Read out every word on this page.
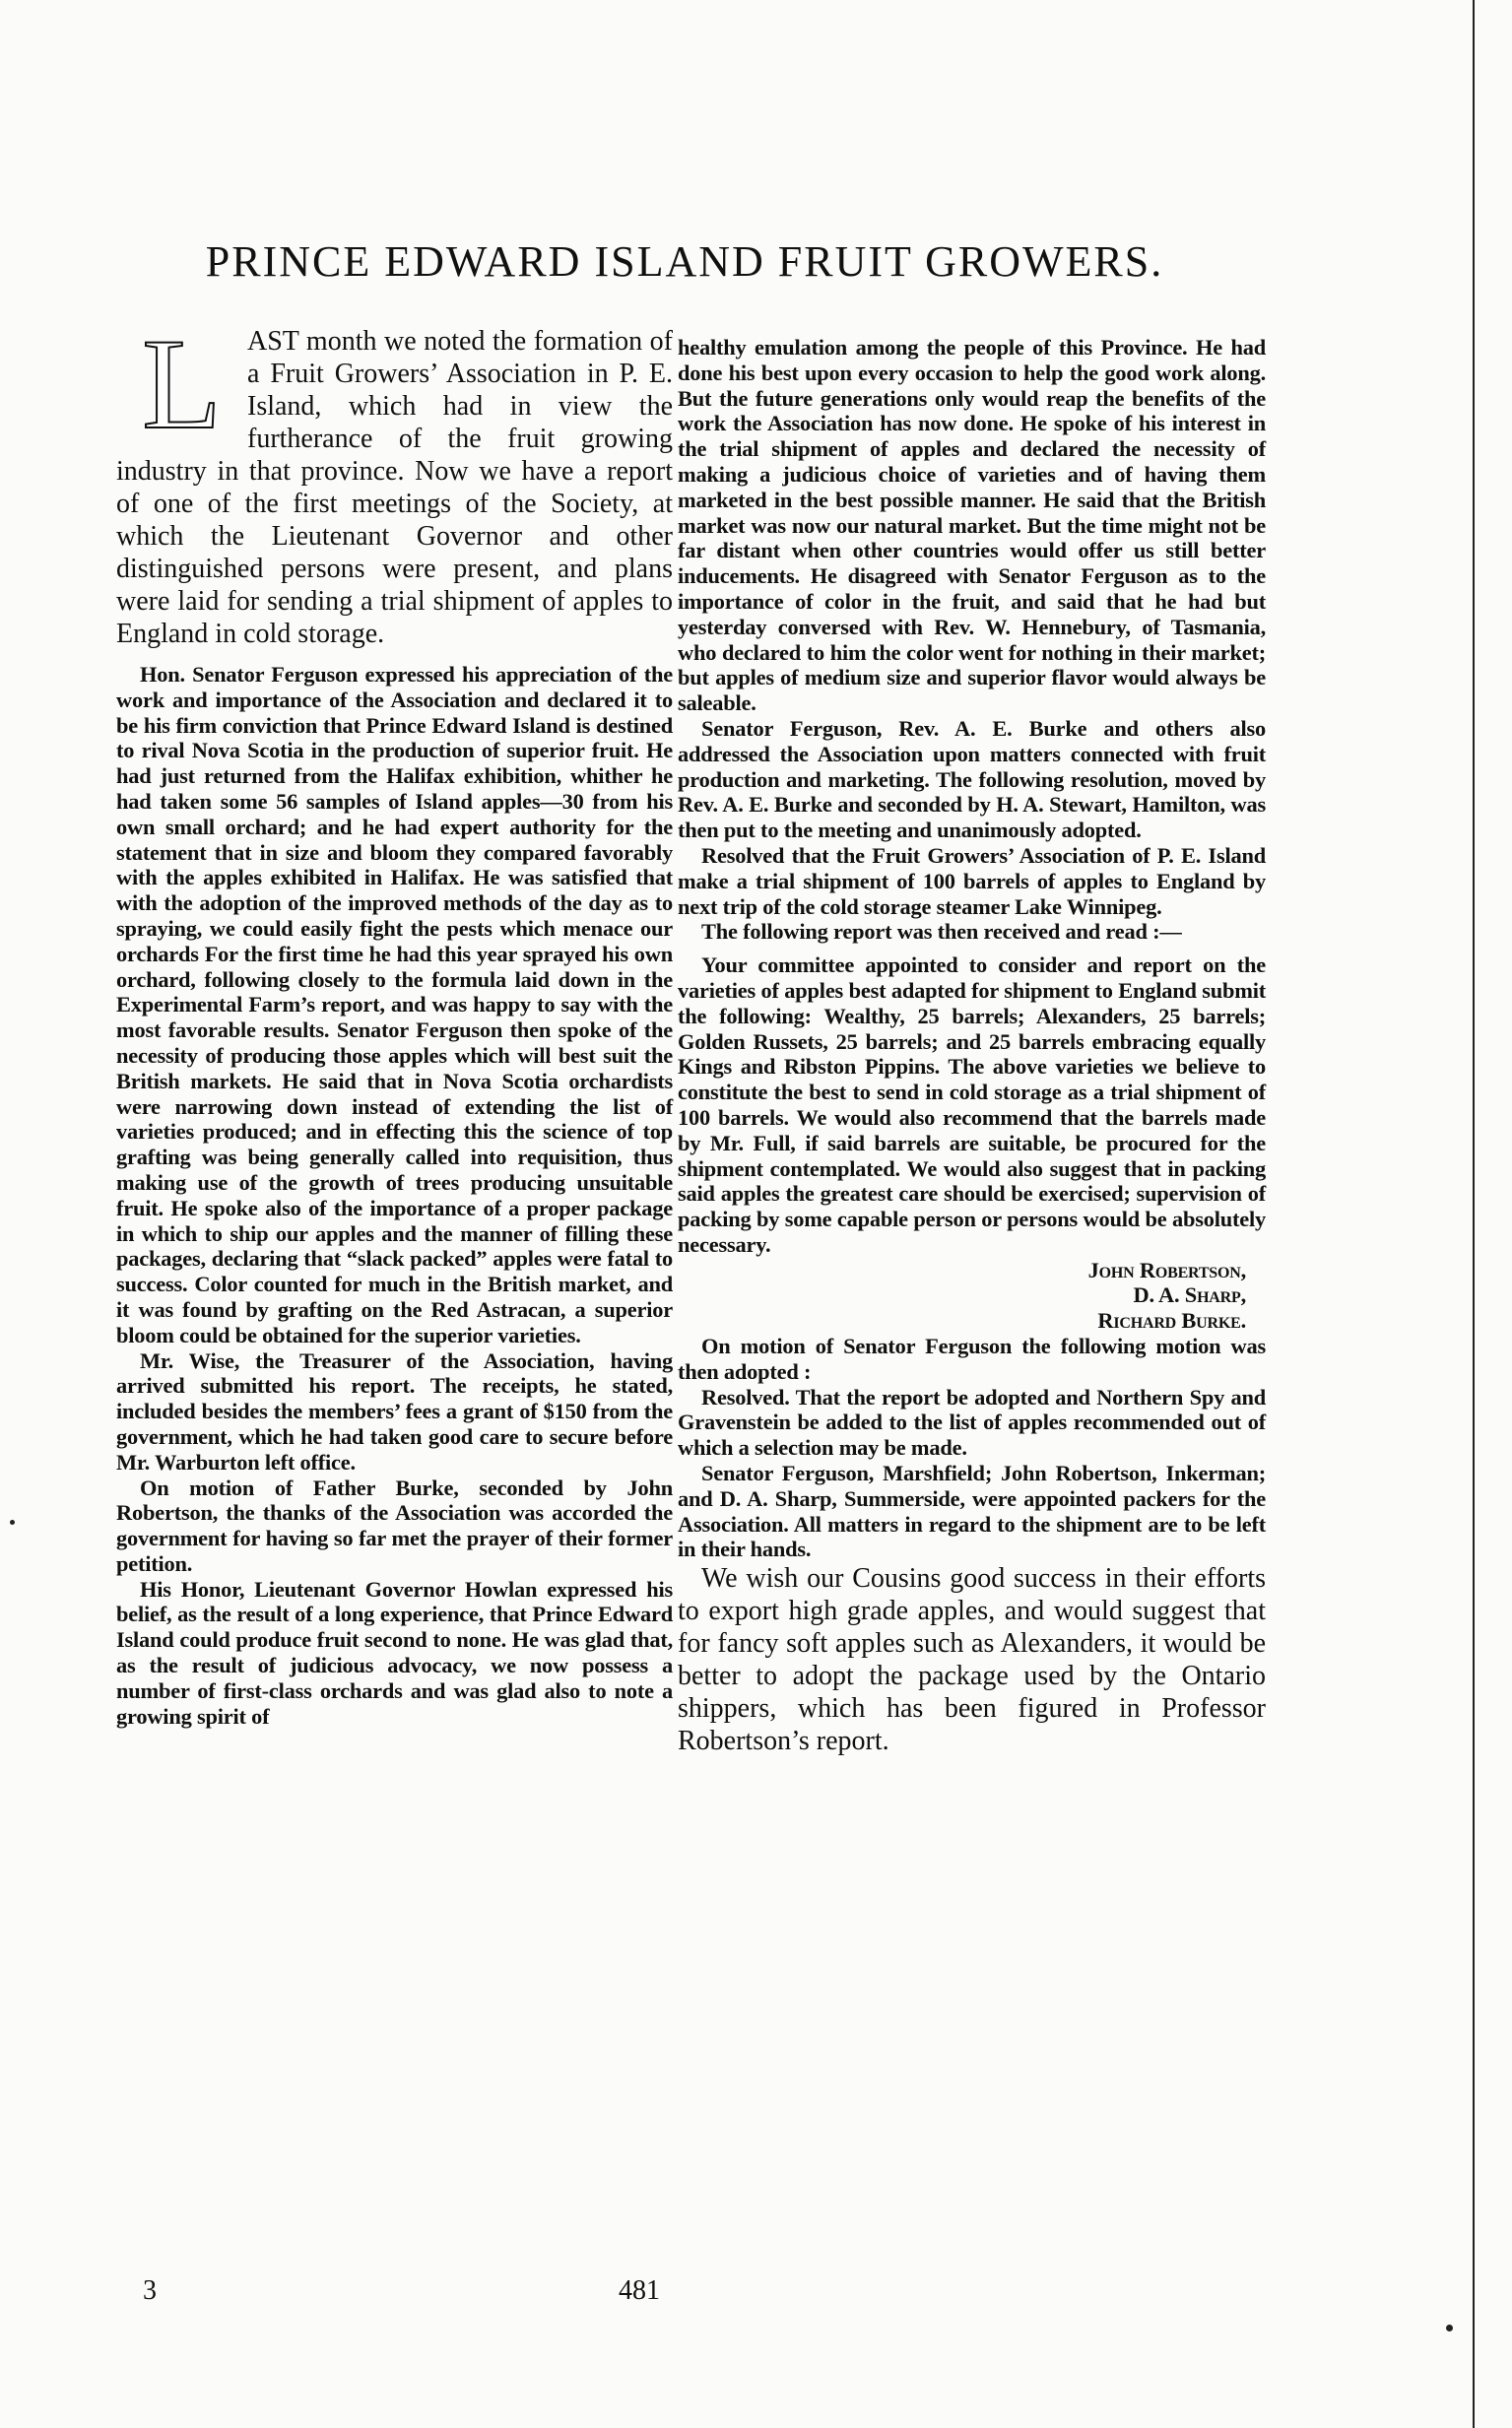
PRINCE EDWARD ISLAND FRUIT GROWERS.
L AST month we noted the formation of a Fruit Growers’ Association in P. E. Island, which had in view the furtherance of the fruit growing industry in that province. Now we have a report of one of the first meetings of the Society, at which the Lieutenant Governor and other distinguished persons were present, and plans were laid for sending a trial shipment of apples to England in cold storage.

Hon. Senator Ferguson expressed his appreciation of the work and importance of the Association and declared it to be his firm conviction that Prince Edward Island is destined to rival Nova Scotia in the production of superior fruit. He had just returned from the Halifax exhibition, whither he had taken some 56 samples of Island apples—30 from his own small orchard; and he had expert authority for the statement that in size and bloom they compared favorably with the apples exhibited in Halifax. He was satisfied that with the adoption of the improved methods of the day as to spraying, we could easily fight the pests which menace our orchards For the first time he had this year sprayed his own orchard, following closely to the formula laid down in the Experimental Farm’s report, and was happy to say with the most favorable results. Senator Ferguson then spoke of the necessity of producing those apples which will best suit the British markets. He said that in Nova Scotia orchardists were narrowing down instead of extending the list of varieties produced; and in effecting this the science of top grafting was being generally called into requisition, thus making use of the growth of trees producing unsuitable fruit. He spoke also of the importance of a proper package in which to ship our apples and the manner of filling these packages, declaring that “slack packed” apples were fatal to success. Color counted for much in the British market, and it was found by grafting on the Red Astracan, a superior bloom could be obtained for the superior varieties.

Mr. Wise, the Treasurer of the Association, having arrived submitted his report. The receipts, he stated, included besides the members’ fees a grant of $150 from the government, which he had taken good care to secure before Mr. Warburton left office.

On motion of Father Burke, seconded by John Robertson, the thanks of the Association was accorded the government for having so far met the prayer of their former petition.

His Honor, Lieutenant Governor Howlan expressed his belief, as the result of a long experience, that Prince Edward Island could produce fruit second to none. He was glad that, as the result of judicious advocacy, we now possess a number of first-class orchards and was glad also to note a growing spirit of

healthy emulation among the people of this Province. He had done his best upon every occasion to help the good work along. But the future generations only would reap the benefits of the work the Association has now done. He spoke of his interest in the trial shipment of apples and declared the necessity of making a judicious choice of varieties and of having them marketed in the best possible manner. He said that the British market was now our natural market. But the time might not be far distant when other countries would offer us still better inducements. He disagreed with Senator Ferguson as to the importance of color in the fruit, and said that he had but yesterday conversed with Rev. W. Hennebury, of Tasmania, who declared to him the color went for nothing in their market; but apples of medium size and superior flavor would always be saleable.

Senator Ferguson, Rev. A. E. Burke and others also addressed the Association upon matters connected with fruit production and marketing. The following resolution, moved by Rev. A. E. Burke and seconded by H. A. Stewart, Hamilton, was then put to the meeting and unanimously adopted.

Resolved that the Fruit Growers’ Association of P. E. Island make a trial shipment of 100 barrels of apples to England by next trip of the cold storage steamer Lake Winnipeg.

The following report was then received and read :—

Your committee appointed to consider and report on the varieties of apples best adapted for shipment to England submit the following: Wealthy, 25 barrels; Alexanders, 25 barrels; Golden Russets, 25 barrels; and 25 barrels embracing equally Kings and Ribston Pippins. The above varieties we believe to constitute the best to send in cold storage as a trial shipment of 100 barrels. We would also recommend that the barrels made by Mr. Full, if said barrels are suitable, be procured for the shipment contemplated. We would also suggest that in packing said apples the greatest care should be exercised; supervision of packing by some capable person or persons would be absolutely necessary.

John Robertson,
D. A. Sharp,
Richard Burke.

On motion of Senator Ferguson the following motion was then adopted :

Resolved. That the report be adopted and Northern Spy and Gravenstein be added to the list of apples recommended out of which a selection may be made.

Senator Ferguson, Marshfield; John Robertson, Inkerman; and D. A. Sharp, Summerside, were appointed packers for the Association. All matters in regard to the shipment are to be left in their hands.

We wish our Cousins good success in their efforts to export high grade apples, and would suggest that for fancy soft apples such as Alexanders, it would be better to adopt the package used by the Ontario shippers, which has been figured in Professor Robertson’s report.

3	481
